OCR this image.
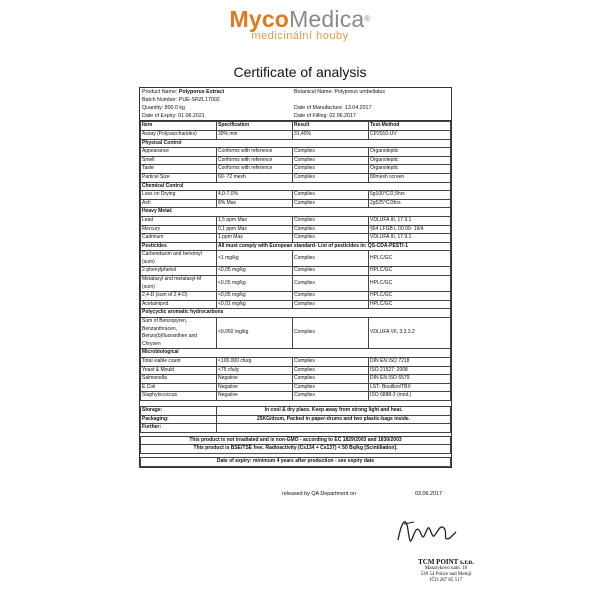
MycoMedica®
medicinální houby
Certificate of analysis
Product Name: Polyporus Extract
Batch Number: PUE-SRZL17002
Quantity: 800.0 kg
Date of Expiry: 01.06.2021
Botanical Name: Polyporus umbellatus

Date of Manufacture: 13.04.2017
Date of Filling: 02.06.2017
Item	Specification	Result	Test-Method
Assay (Polysaccharides)	30% min	31,40%	CP2010-UV
Physical Control			
Appearance	Conforms with reference	Complies	Organoleptic
Smell	Conforms with reference	Complies	Organoleptic
Taste	Conforms with reference	Complies	Organoleptic
Particel Size	60- 72 mesh	Complies	80mesh screen
Chemical Control			
Loss on Drying	4,0-7,0%	Complies	5g100°C/2,5hrs
Ash	8% Max	Complies	2g525°C/3hrs
Heavy Metal:			
Lead	1,5 ppm Max	Complies	VDLUFA III, 17.9.1
Mercury	0,1 ppm Max	Complies	§64 LFGB L 00.00- 19/4
Cadmium	1 ppm Max	Complies	VDLUFA III, 17.9.1
Pesticides	All must comply with European standard- List of pesticides in: QS-CDA-PESTI-1		
Carbendazim and benomyl (sum)	<1 mg/kg	Complies	HPLC/GC
2-phenylphenol	<0,05 mg/kg	Complies	HPLC/GC
Metalaxyl and metalaxyl-M (sum)	<0,05 mg/kg	Complies	HPLC/GC
2,4-D (sum of 2,4-D)	<0,05 mg/kg	Complies	HPLC/GC
Acetamiprid	<0,01 mg/kg	Complies	HPLC/GC
Polycyclic aromatic hydrocarbons			
Sum of Benzopyren, Benzanthracen, Benzo(b)fluoranthen and Chrysen	<0,050 mg/kg	Complies	VDLUFA VII, 3.3.3.2
Microbiological			
Total viable count	<100.000 cfu/g	Complies	DIN EN ISO 7218
Yeast & Mould	<75 cfu/g	Complies	ISO 21527: 2008
Salmonella	Negative	Complies	DIN EN ISO 6579
E.Coli	Negative	Complies	LST- Bouillon/TBX
Staphylococcus	Negative	Complies	ISO 6888-3 (mod.)
Storage:	In cool & dry place. Keep away from strong light and heat.
Packaging:	25KG/drum, Packed in paper-drums and two plastic-bags inside.
Further:	

This product is not irradiated and is non-GMO - according to EC 1829/2003 and 1830/2003	
This product is BSE/TSE free. Radioactivity (Cs134 + Cs137) < 50 Bq/kg [Scintillation].	

Date of expiry: minimum 4 years after production - see expiry date	
released by QA Department on	03.06.2017
TCM POINT s.r.o.
Masarykovo nám. 18
549 54 Police nad Metují
IČO 287 85 517
